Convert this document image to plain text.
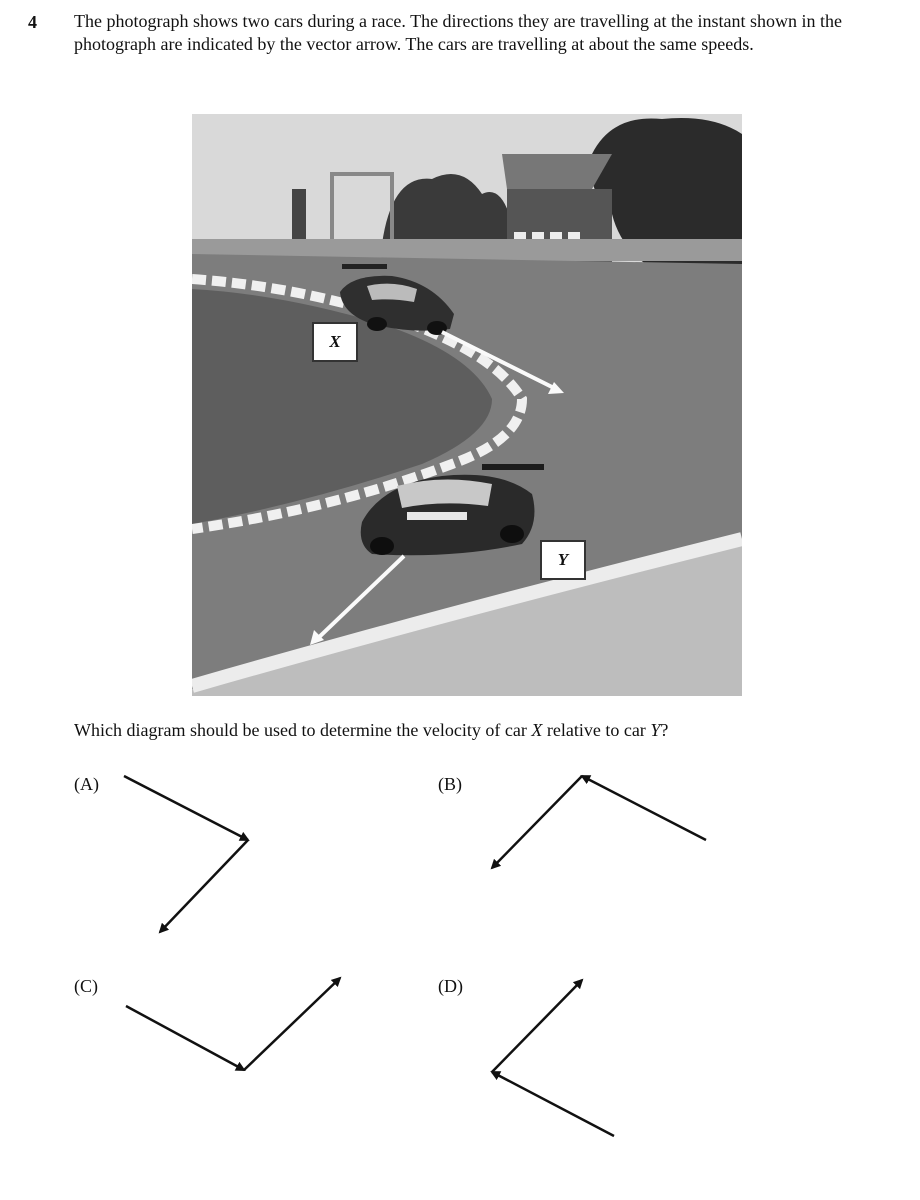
4 The photograph shows two cars during a race. The directions they are travelling at the instant shown in the photograph are indicated by the vector arrow. The cars are travelling at about the same speeds.
X
Y
Which diagram should be used to determine the velocity of car X relative to car Y?
(A)	(B)
(C)	(D)
